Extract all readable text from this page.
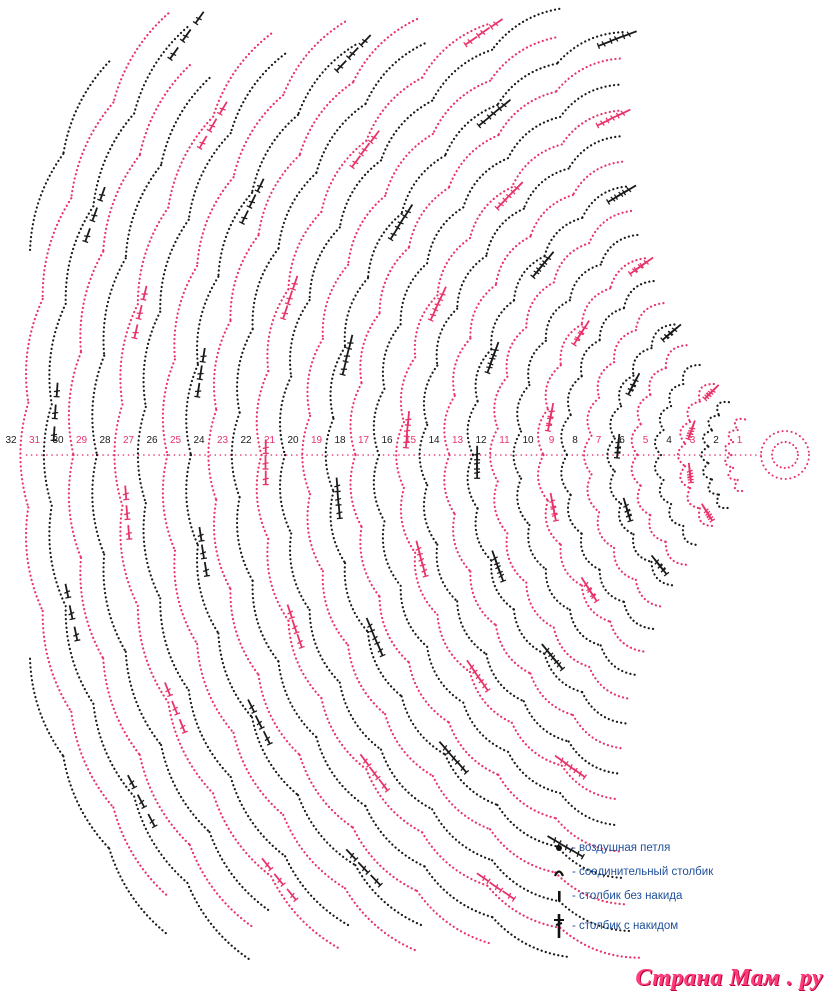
32 31 30 29 28 27 26 25 24 23 22 21 20 19 18 17 16 15 14 13 12 11 10 9 8 7 6 5 4 3 2 1
- воздушная петля
- соединительный столбик
- столбик без накида
- столбик с накидом
Страна Мам . ру
